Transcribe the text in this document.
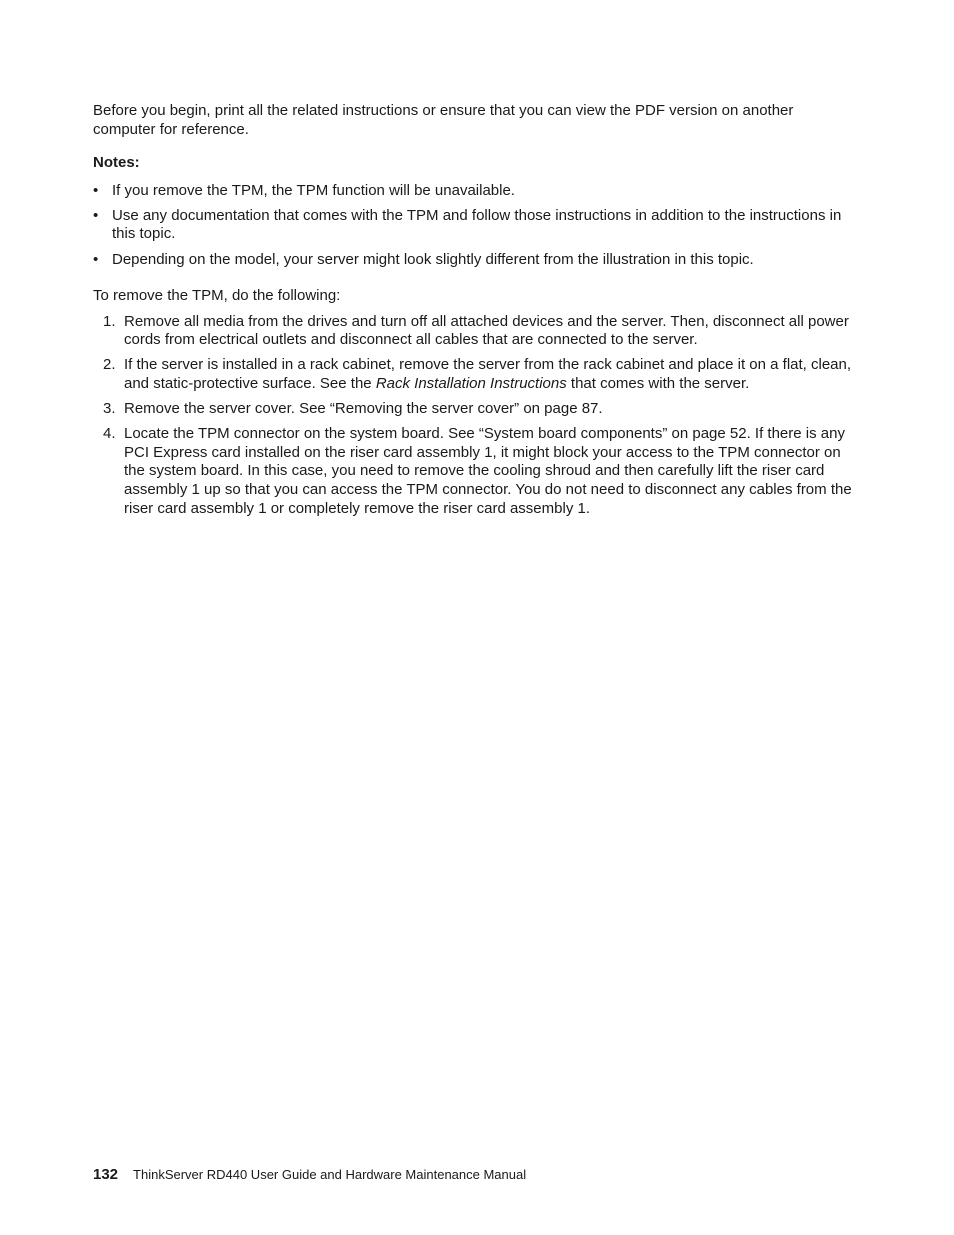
Before you begin, print all the related instructions or ensure that you can view the PDF version on another computer for reference.

Notes:

• If you remove the TPM, the TPM function will be unavailable.
• Use any documentation that comes with the TPM and follow those instructions in addition to the instructions in this topic.
• Depending on the model, your server might look slightly different from the illustration in this topic.

To remove the TPM, do the following:

1. Remove all media from the drives and turn off all attached devices and the server. Then, disconnect all power cords from electrical outlets and disconnect all cables that are connected to the server.
2. If the server is installed in a rack cabinet, remove the server from the rack cabinet and place it on a flat, clean, and static-protective surface. See the Rack Installation Instructions that comes with the server.
3. Remove the server cover. See “Removing the server cover” on page 87.
4. Locate the TPM connector on the system board. See “System board components” on page 52. If there is any PCI Express card installed on the riser card assembly 1, it might block your access to the TPM connector on the system board. In this case, you need to remove the cooling shroud and then carefully lift the riser card assembly 1 up so that you can access the TPM connector. You do not need to disconnect any cables from the riser card assembly 1 or completely remove the riser card assembly 1.
132 ThinkServer RD440 User Guide and Hardware Maintenance Manual
